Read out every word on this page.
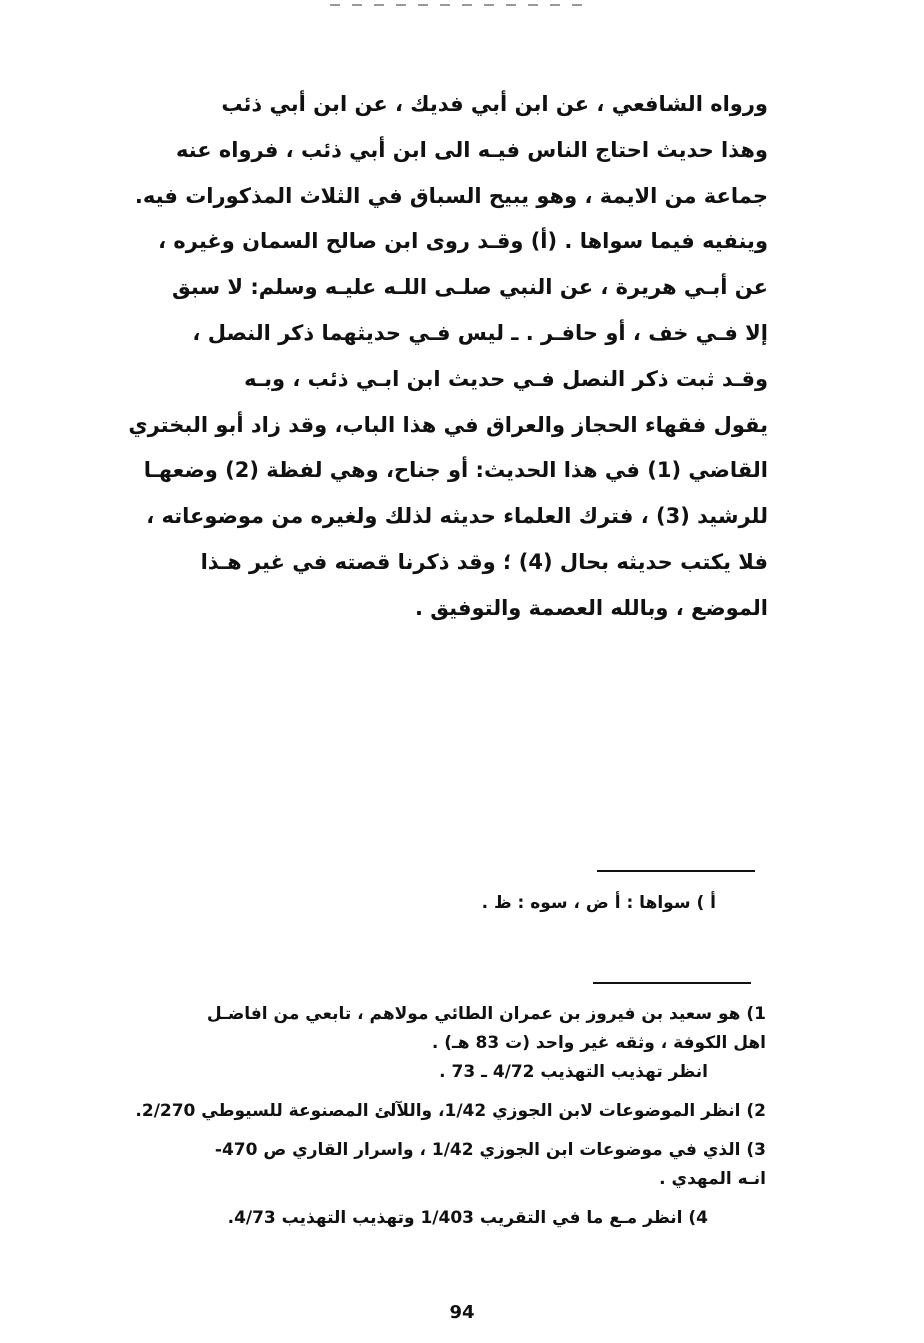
ورواه الشافعي ، عن ابن أبي فديك ، عن ابن أبي ذئب
وهذا حديث احتاج الناس فيـه الى ابن أبي ذئب ، فرواه عنه
جماعة من الايمة ، وهو يبيح السباق في الثلاث المذكورات فيه.
وينفيه فيما سواها . (أ) وقـد روى ابن صالح السمان وغيره ،
عن أبـي هريرة ، عن النبي صلـى اللـه عليـه وسلم: لا سبق
إلا فـي خف ، أو حافـر . ـ ليس فـي حديثهما ذكر النصل ،
وقـد ثبت ذكر النصل فـي حديث ابن ابـي ذئب ، وبـه
يقول فقهاء الحجاز والعراق في هذا الباب، وقد زاد أبو البختري
القاضي (1) في هذا الحديث: أو جناح، وهي لفظة (2) وضعهـا
للرشيد (3) ، فترك العلماء حديثه لذلك ولغيره من موضوعاته ،
فلا يكتب حديثه بحال (4) ؛ وقد ذكرنا قصته في غير هـذا
الموضع ، وبالله العصمة والتوفيق .
أ ) سواها : أ ض ، سوه : ظ .
1) هو سعيد بن فيروز بن عمران الطائي مولاهم ، تابعي من افاضـل
اهل الكوفة ، وثقه غير واحد (ت 83 هـ) .
انظر تهذيب التهذيب 4/72 ـ 73 .
2) انظر الموضوعات لابن الجوزي 1/42، واللآلئ المصنوعة للسيوطي 2/270.
3) الذي في موضوعات ابن الجوزي 1/42 ، واسرار القاري ص 470-
انـه المهدي .
4) انظر مـع ما في التقريب 1/403 وتهذيب التهذيب 4/73.
94
